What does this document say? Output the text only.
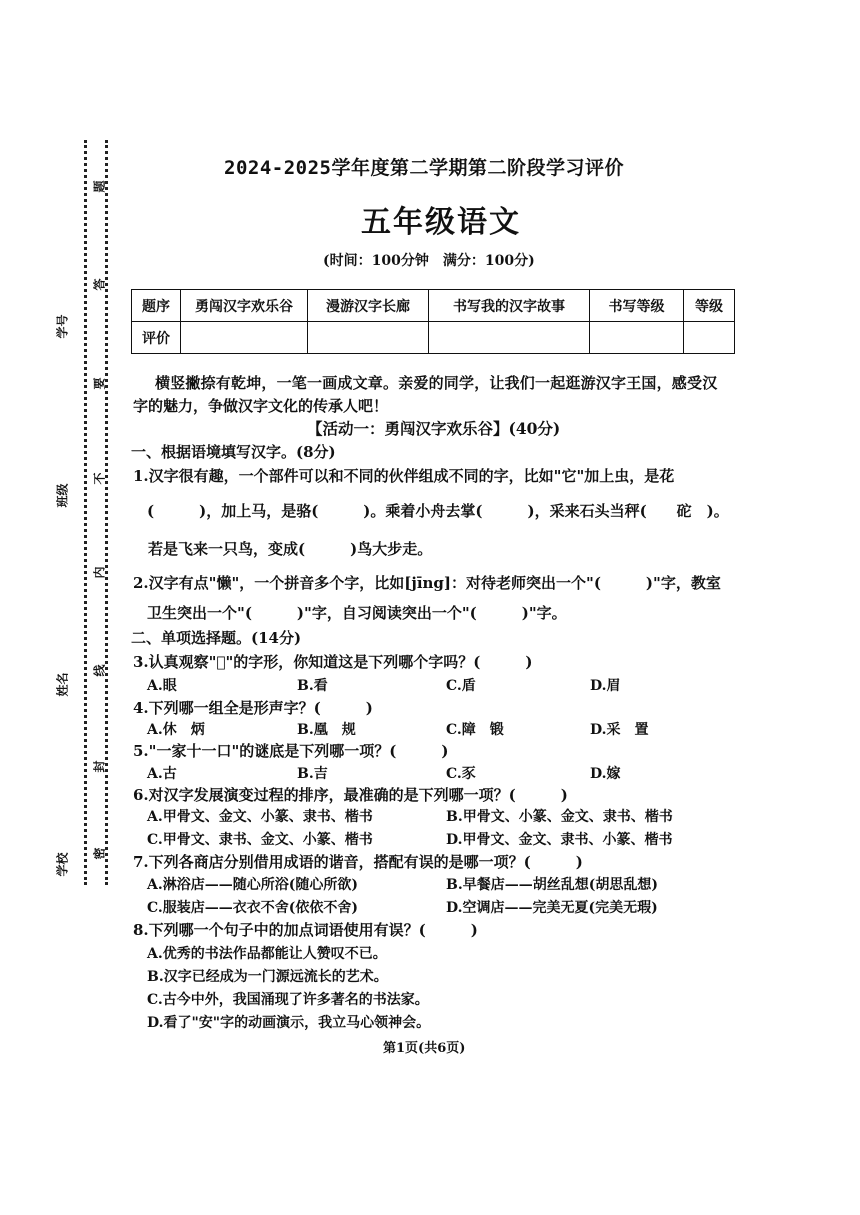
学号
班级
姓名
学校
题
答
要
不
内
线
封
密
2024-2025学年度第二学期第二阶段学习评价
五年级语文
(时间：100分钟　满分：100分)
题序	勇闯汉字欢乐谷	漫游汉字长廊	书写我的汉字故事	书写等级	等级
评价					
横竖撇捺有乾坤，一笔一画成文章。亲爱的同学，让我们一起逛游汉字王国，感受汉
字的魅力，争做汉字文化的传承人吧！
【活动一：勇闯汉字欢乐谷】(40分)
一、根据语境填写汉字。(8分)
1.汉字很有趣，一个部件可以和不同的伙伴组成不同的字，比如"它"加上虫，是花
(　　　)，加上马，是骆(　　　)。乘着小舟去掌(　　　)，采来石头当秤(　　砣　)。
若是飞来一只鸟，变成(　　　)鸟大步走。
2.汉字有点"懒"，一个拼音多个字，比如[jīng]：对待老师突出一个"(　　　)"字，教室
卫生突出一个"(　　　)"字，自习阅读突出一个"(　　　)"字。
二、单项选择题。(14分)
3.认真观察"𠂋"的字形，你知道这是下列哪个字吗？(　　　)
A.眼	B.看	C.盾	D.眉
4.下列哪一组全是形声字？(　　　)
A.休　炳	B.凰　规	C.障　锻	D.采　置
5."一家十一口"的谜底是下列哪一项？(　　　)
A.古	B.吉	C.豕	D.嫁
6.对汉字发展演变过程的排序，最准确的是下列哪一项？(　　　)
A.甲骨文、金文、小篆、隶书、楷书	B.甲骨文、小篆、金文、隶书、楷书
C.甲骨文、隶书、金文、小篆、楷书	D.甲骨文、金文、隶书、小篆、楷书
7.下列各商店分别借用成语的谐音，搭配有误的是哪一项？(　　　)
A.淋浴店——随心所浴(随心所欲)	B.早餐店——胡丝乱想(胡思乱想)
C.服装店——衣衣不舍(依依不舍)	D.空调店——完美无夏(完美无瑕)
8.下列哪一个句子中的加点词语使用有误？(　　　)
A.优秀的书法作品都能让人赞叹不已。
B.汉字已经成为一门源远流长的艺术。
C.古今中外，我国涌现了许多著名的书法家。
D.看了"安"字的动画演示，我立马心领神会。
第1页(共6页)
